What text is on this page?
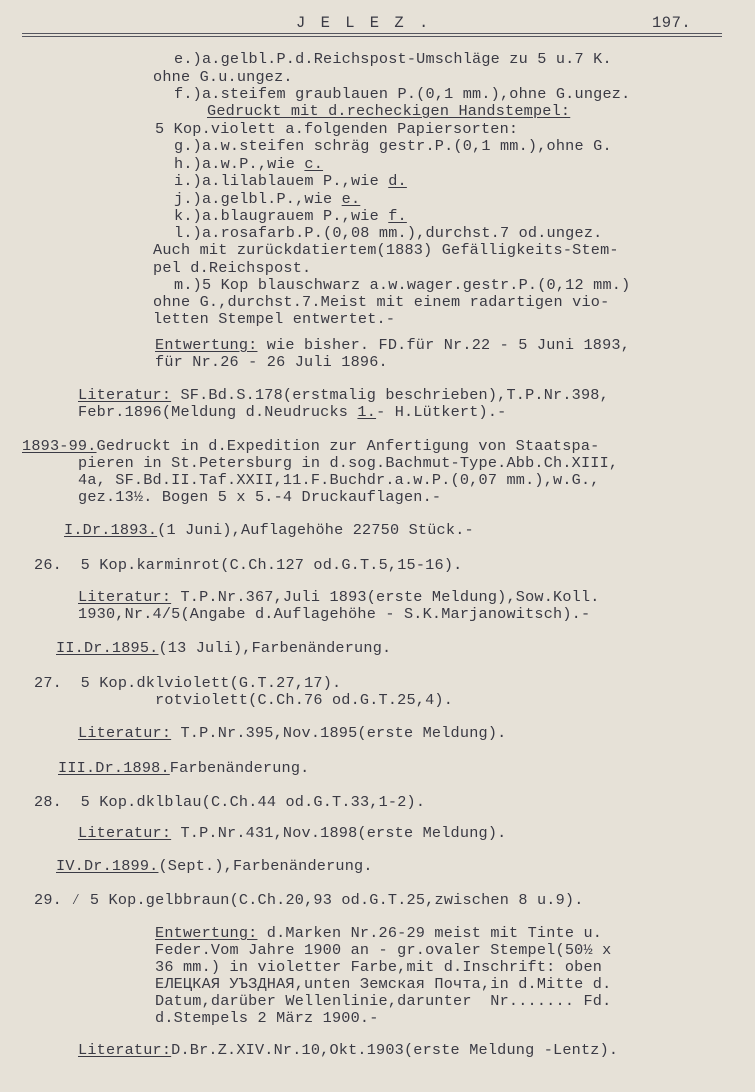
J E L E Z .	197.
e.)a.gelbl.P.d.Reichspost-Umschläge zu 5 u.7 K.
ohne G.u.ungez.
f.)a.steifem graublauen P.(0,1 mm.),ohne G.ungez.
Gedruckt mit d.recheckigen Handstempel:
5 Kop.violett a.folgenden Papiersorten:
g.)a.w.steifen schräg gestr.P.(0,1 mm.),ohne G.
h.)a.w.P.,wie c.
i.)a.lilablauem P.,wie d.
j.)a.gelbl.P.,wie e.
k.)a.blaugrauem P.,wie f.
l.)a.rosafarb.P.(0,08 mm.),durchst.7 od.ungez.
Auch mit zurückdatiertem(1883) Gefälligkeits-Stem-
pel d.Reichspost.
m.)5 Kop blauschwarz a.w.wager.gestr.P.(0,12 mm.)
ohne G.,durchst.7.Meist mit einem radartigen vio-
letten Stempel entwertet.-
Entwertung: wie bisher. FD.für Nr.22 - 5 Juni 1893,
für Nr.26 - 26 Juli 1896.
Literatur: SF.Bd.S.178(erstmalig beschrieben),T.P.Nr.398,
Febr.1896(Meldung d.Neudrucks 1.- H.Lütkert).-
1893-99.Gedruckt in d.Expedition zur Anfertigung von Staatspa-
pieren in St.Petersburg in d.sog.Bachmut-Type.Abb.Ch.XIII,
4a, SF.Bd.II.Taf.XXII,11.F.Buchdr.a.w.P.(0,07 mm.),w.G.,
gez.13½. Bogen 5 x 5.-4 Druckauflagen.-
I.Dr.1893.(1 Juni),Auflagehöhe 22750 Stück.-
26.  5 Kop.karminrot(C.Ch.127 od.G.T.5,15-16).
Literatur: T.P.Nr.367,Juli 1893(erste Meldung),Sow.Koll.
1930,Nr.4/5(Angabe d.Auflagehöhe - S.K.Marjanowitsch).-
II.Dr.1895.(13 Juli),Farbenänderung.
27.  5 Kop.dklviolett(G.T.27,17).
rotviolett(C.Ch.76 od.G.T.25,4).
Literatur: T.P.Nr.395,Nov.1895(erste Meldung).
III.Dr.1898.Farbenänderung.
28.  5 Kop.dklblau(C.Ch.44 od.G.T.33,1-2).
Literatur: T.P.Nr.431,Nov.1898(erste Meldung).
IV.Dr.1899.(Sept.),Farbenänderung.
29. ⁄ 5 Kop.gelbbraun(C.Ch.20,93 od.G.T.25,zwischen 8 u.9).
Entwertung: d.Marken Nr.26-29 meist mit Tinte u.
Feder.Vom Jahre 1900 an - gr.ovaler Stempel(50½ x
36 mm.) in violetter Farbe,mit d.Inschrift: oben
ЕЛЕЦКАЯ УЪЗДНАЯ,unten Земская Почта,in d.Mitte d.
Datum,darüber Wellenlinie,darunter  Nr....... Fd.
d.Stempels 2 März 1900.-
Literatur:D.Br.Z.XIV.Nr.10,Okt.1903(erste Meldung -Lentz).
